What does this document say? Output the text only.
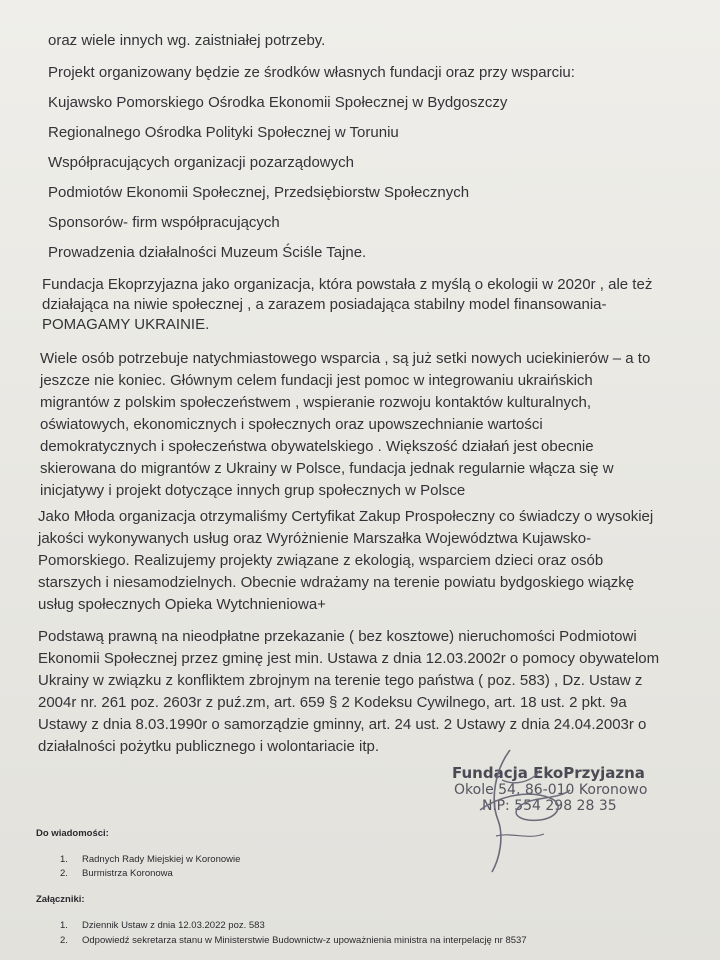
oraz wiele innych wg. zaistniałej potrzeby.
Projekt organizowany będzie ze środków własnych fundacji oraz przy wsparciu:
Kujawsko Pomorskiego Ośrodka Ekonomii Społecznej w Bydgoszczy
Regionalnego Ośrodka Polityki Społecznej w Toruniu
Współpracujących organizacji pozarządowych
Podmiotów Ekonomii Społecznej, Przedsiębiorstw Społecznych
Sponsorów- firm współpracujących
Prowadzenia działalności Muzeum Ściśle Tajne.
Fundacja Ekoprzyjazna jako organizacja, która powstała z myślą o ekologii w 2020r , ale też
działająca na niwie społecznej , a zarazem posiadająca stabilny model finansowania-
POMAGAMY UKRAINIE.
Wiele osób potrzebuje natychmiastowego wsparcia , są już setki nowych uciekinierów – a to
jeszcze nie koniec. Głównym celem fundacji jest pomoc w integrowaniu ukraińskich
migrantów z polskim społeczeństwem , wspieranie rozwoju kontaktów kulturalnych,
oświatowych, ekonomicznych i społecznych oraz upowszechnianie wartości
demokratycznych i społeczeństwa obywatelskiego . Większość działań jest obecnie
skierowana do migrantów z Ukrainy w Polsce, fundacja jednak regularnie włącza się w
inicjatywy i projekt dotyczące innych grup społecznych w Polsce
Jako Młoda organizacja otrzymaliśmy Certyfikat Zakup Prospołeczny co świadczy o wysokiej
jakości wykonywanych usług oraz Wyróżnienie Marszałka Województwa Kujawsko-
Pomorskiego. Realizujemy projekty związane z ekologią, wsparciem dzieci oraz osób
starszych i niesamodzielnych. Obecnie wdrażamy na terenie powiatu bydgoskiego wiązkę
usług społecznych Opieka Wytchnieniowa+
Podstawą prawną na nieodpłatne przekazanie ( bez kosztowe) nieruchomości Podmiotowi
Ekonomii Społecznej przez gminę jest min. Ustawa z dnia 12.03.2002r o pomocy obywatelom
Ukrainy w związku z konfliktem zbrojnym na terenie tego państwa ( poz. 583) , Dz. Ustaw z
2004r nr. 261 poz. 2603r z puź.zm, art. 659 § 2 Kodeksu Cywilnego, art. 18 ust. 2 pkt. 9a
Ustawy z dnia 8.03.1990r o samorządzie gminny, art. 24 ust. 2 Ustawy z dnia 24.04.2003r o
działalności pożytku publicznego i wolontariacie itp.
Fundacja EkoPrzyjazna
Okole 54, 86-010 Koronowo
NIP: 554 298 28 35
Do wiadomości:
1. Radnych Rady Miejskiej w Koronowie
2. Burmistrza Koronowa
Załączniki:
1. Dziennik Ustaw z dnia 12.03.2022 poz. 583
2. Odpowiedź sekretarza stanu w Ministerstwie Budownictw-z upoważnienia ministra na interpelację nr 8537
